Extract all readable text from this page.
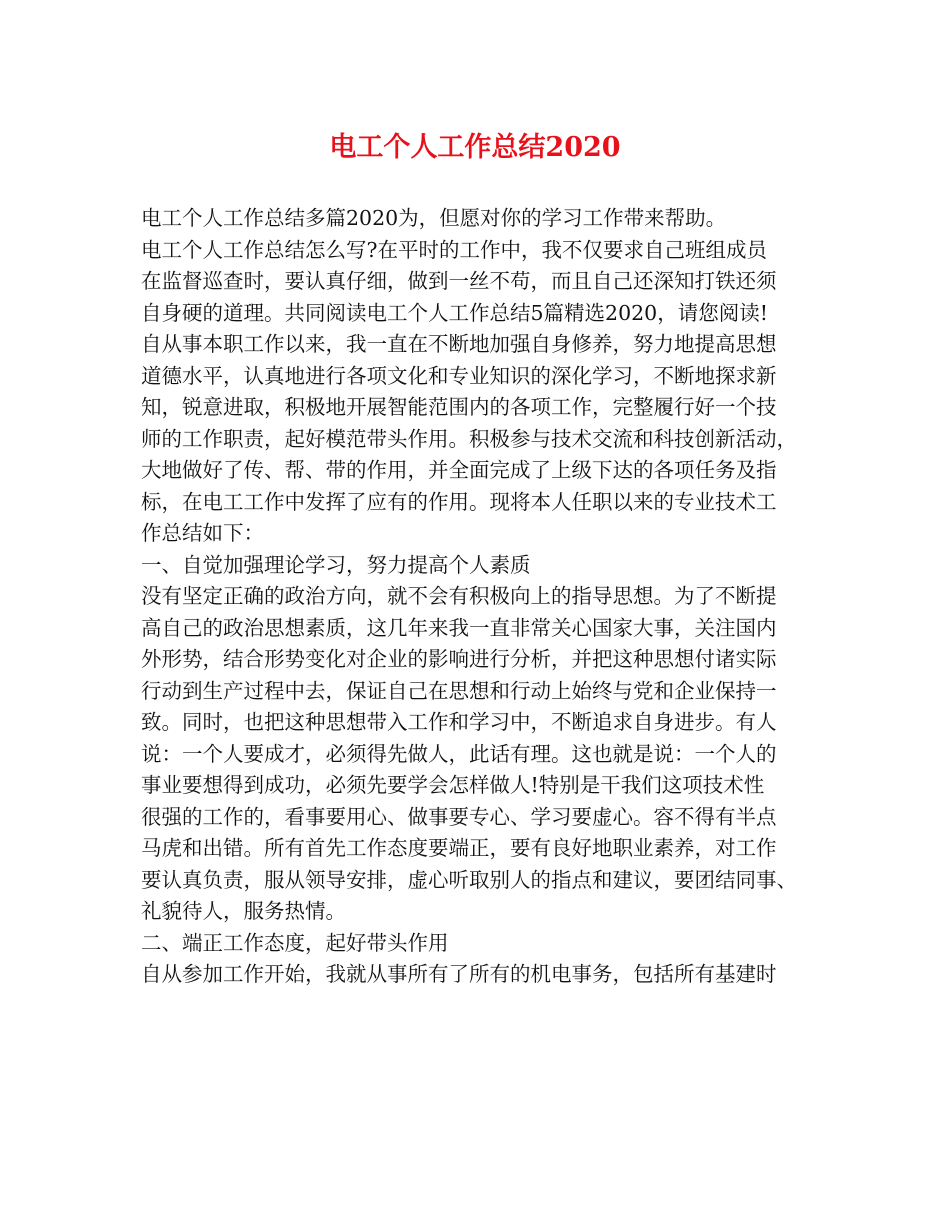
电工个人工作总结2020
电工个人工作总结多篇2020为，但愿对你的学习工作带来帮助。
电工个人工作总结怎么写?在平时的工作中，我不仅要求自己班组成员
在监督巡查时，要认真仔细，做到一丝不苟，而且自己还深知打铁还须
自身硬的道理。共同阅读电工个人工作总结5篇精选2020，请您阅读!
自从事本职工作以来，我一直在不断地加强自身修养，努力地提高思想
道德水平，认真地进行各项文化和专业知识的深化学习，不断地探求新
知，锐意进取，积极地开展智能范围内的各项工作，完整履行好一个技
师的工作职责，起好模范带头作用。积极参与技术交流和科技创新活动，
大地做好了传、帮、带的作用，并全面完成了上级下达的各项任务及指
标，在电工工作中发挥了应有的作用。现将本人任职以来的专业技术工
作总结如下：
一、自觉加强理论学习，努力提高个人素质
没有坚定正确的政治方向，就不会有积极向上的指导思想。为了不断提
高自己的政治思想素质，这几年来我一直非常关心国家大事，关注国内
外形势，结合形势变化对企业的影响进行分析，并把这种思想付诸实际
行动到生产过程中去，保证自己在思想和行动上始终与党和企业保持一
致。同时，也把这种思想带入工作和学习中，不断追求自身进步。有人
说：一个人要成才，必须得先做人，此话有理。这也就是说：一个人的
事业要想得到成功，必须先要学会怎样做人!特别是干我们这项技术性
很强的工作的，看事要用心、做事要专心、学习要虚心。容不得有半点
马虎和出错。所有首先工作态度要端正，要有良好地职业素养，对工作
要认真负责，服从领导安排，虚心听取别人的指点和建议，要团结同事、
礼貌待人，服务热情。
二、端正工作态度，起好带头作用
自从参加工作开始，我就从事所有了所有的机电事务，包括所有基建时
